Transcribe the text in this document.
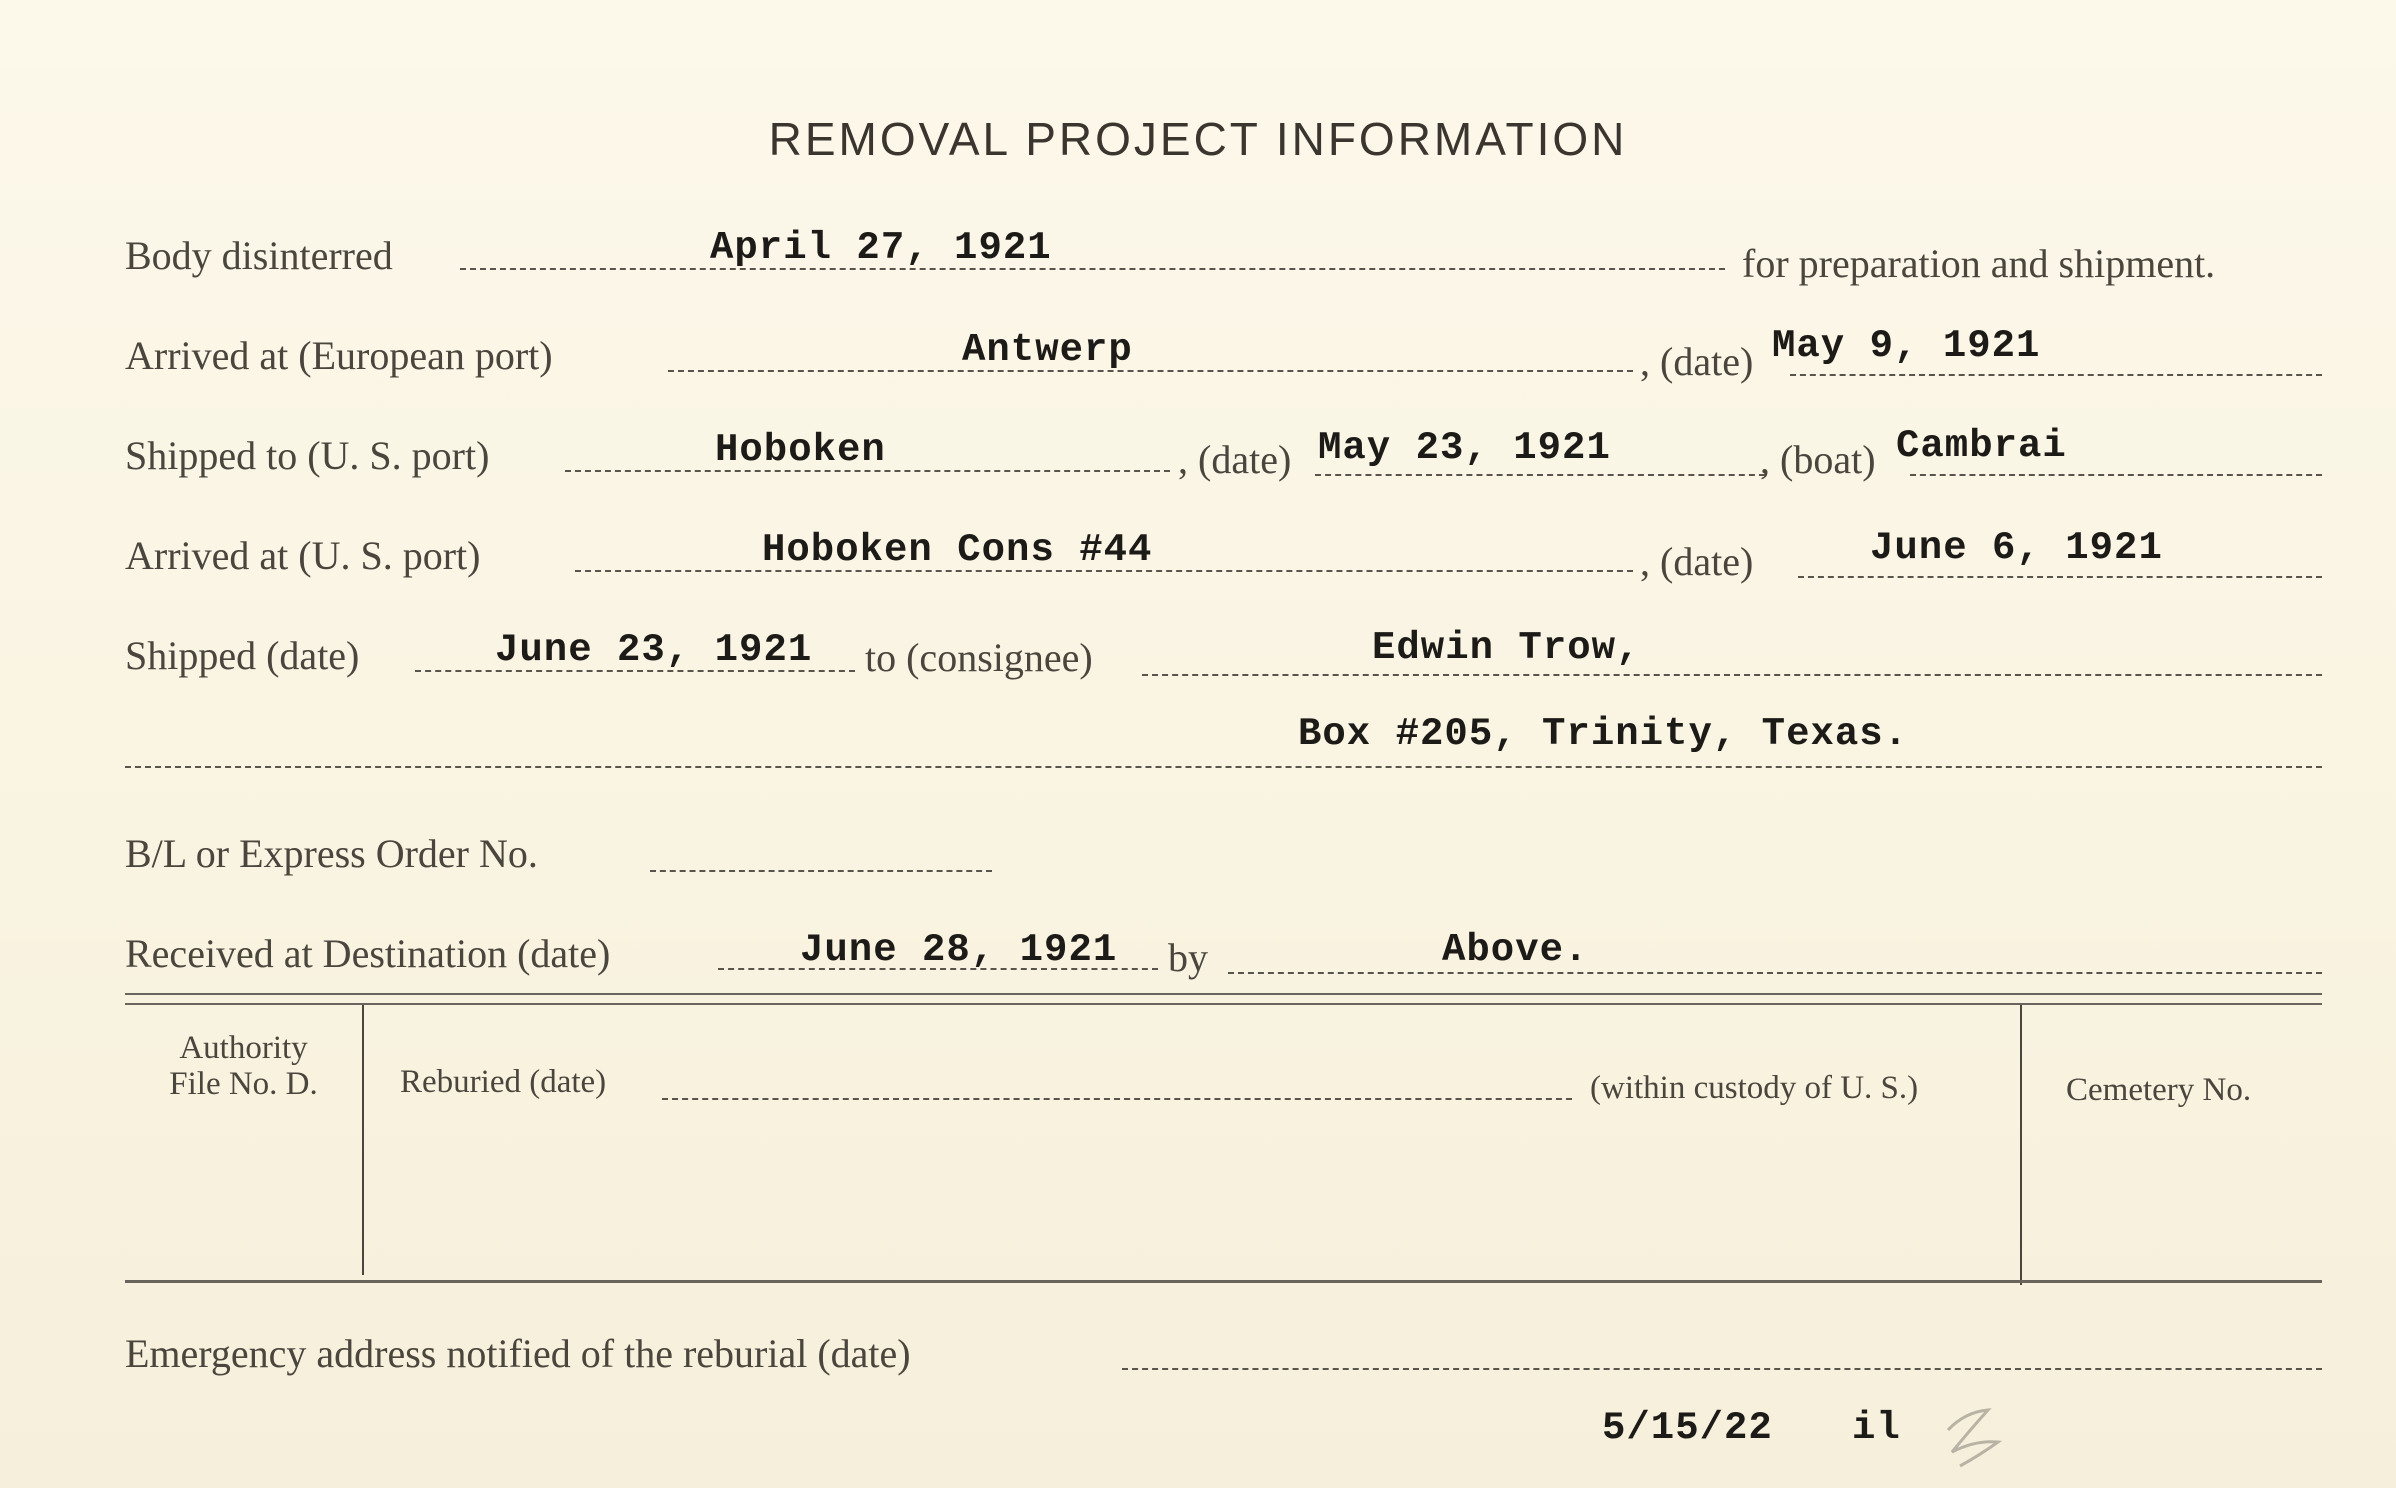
REMOVAL PROJECT INFORMATION
Body disinterred	April 27, 1921	for preparation and shipment.
Arrived at (European port)	Antwerp	, (date) May 9, 1921
Shipped to (U. S. port)	Hoboken	, (date) May 23, 1921	, (boat) Cambrai
Arrived at (U. S. port)	Hoboken Cons #44	, (date)	June 6, 1921
Shipped (date)	June 23, 1921 to (consignee)	Edwin Trow,
Box #205, Trinity, Texas.
B/L or Express Order No.
Received at Destination (date)	June 28, 1921 by	Above.
Authority
File No. D.	Reburied (date)	(within custody of U. S.)	Cemetery No.
Emergency address notified of the reburial (date)
5/15/22 il
